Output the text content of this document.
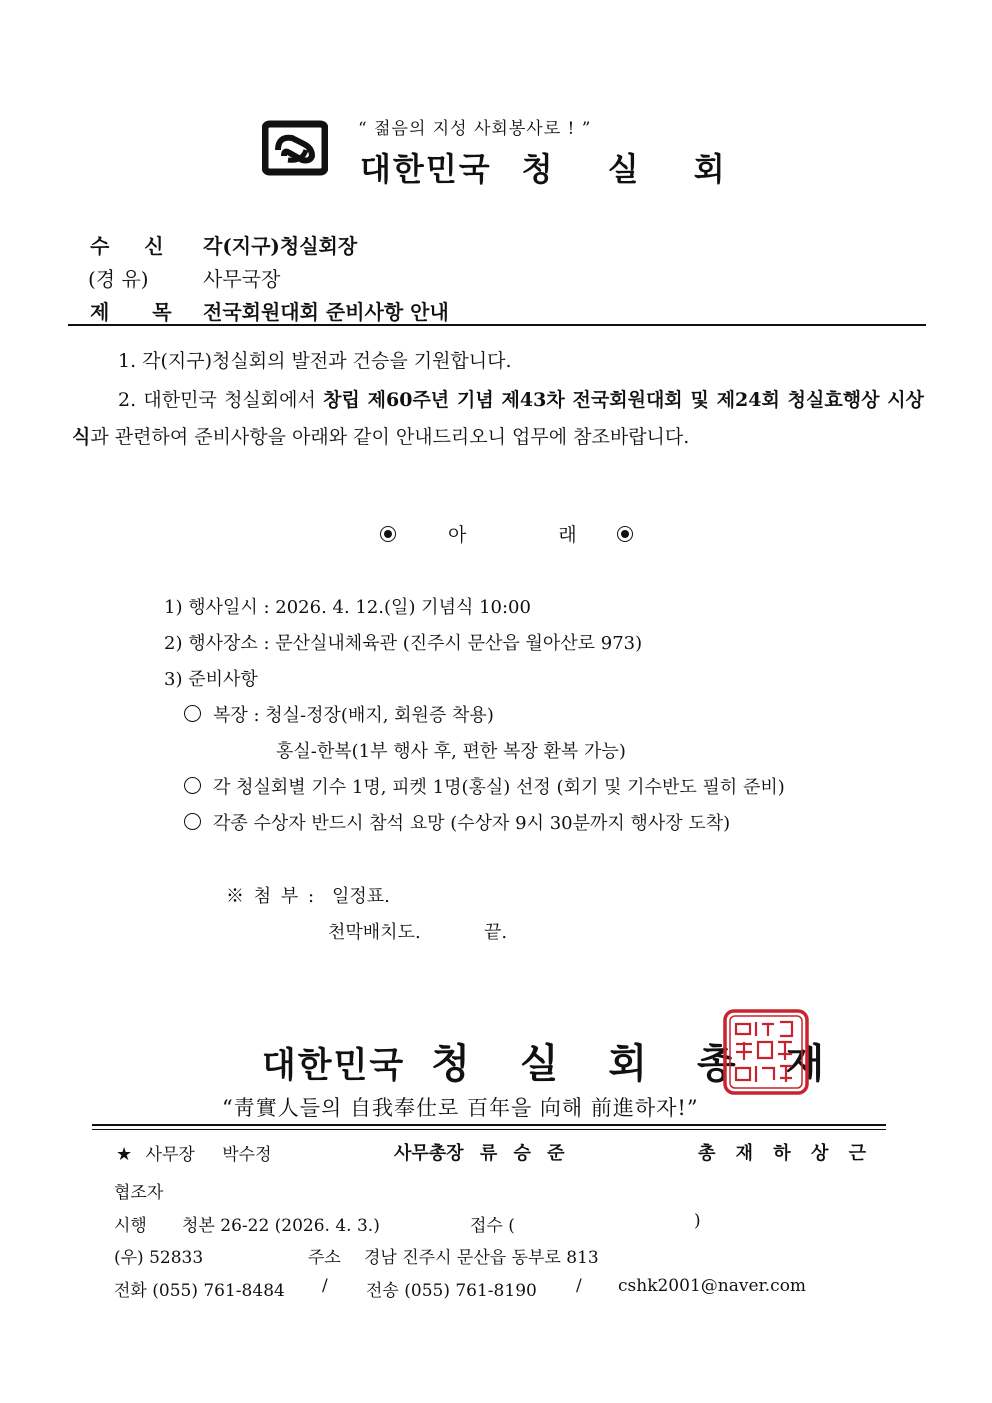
“ 젊음의 지성 사회봉사로 ! ”
대한민국 청 실 회
수 신 각(지구)청실회장
(경 유)	사무국장
제 목 전국회원대회 준비사항 안내
1. 각(지구)청실회의 발전과 건승을 기원합니다.
2. 대한민국 청실회에서 창립 제60주년 기념 제43차 전국회원대회 및 제24회 청실효행상 시상식과 관련하여 준비사항을 아래와 같이 안내드리오니 업무에 참조바랍니다.
아	래
1) 행사일시 : 2026. 4. 12.(일) 기념식 10:00
2) 행사장소 : 문산실내체육관 (진주시 문산읍 월아산로 973)
3) 준비사항
복장 : 청실-정장(배지, 회원증 착용)
홍실-한복(1부 행사 후, 편한 복장 환복 가능)
각 청실회별 기수 1명, 피켓 1명(홍실) 선정 (회기 및 기수반도 필히 준비)
각종 수상자 반드시 참석 요망 (수상자 9시 30분까지 행사장 도착)
※ 첨 부 : 일정표.
천막배치도.	끝.
대한민국 청 실 회 총 재
“靑實人들의 自我奉仕로 百年을 向해 前進하자!”
★ 사무장 박수정	사무총장 류 승 준	총 재 하 상 근
협조자
시행 청본 26-22 (2026. 4. 3.)	접수 (	)
(우) 52833	주소 경남 진주시 문산읍 동부로 813
전화 (055) 761-8484 / 전송 (055) 761-8190 / cshk2001@naver.com
